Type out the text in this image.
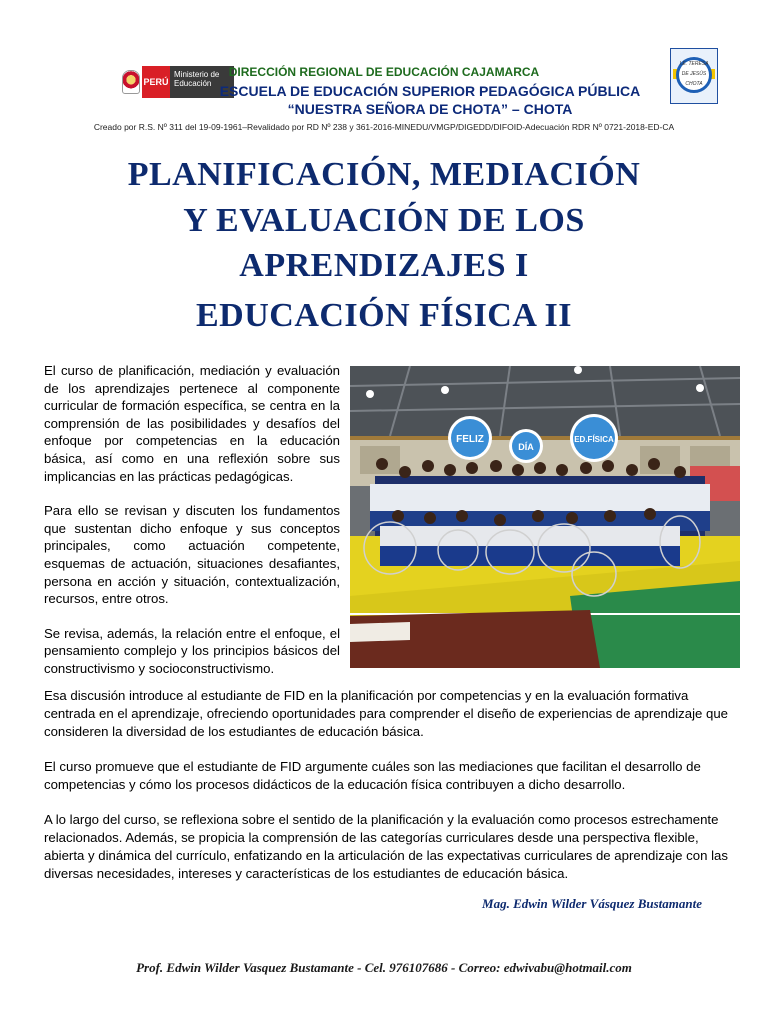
PERÚ
Ministerio de Educación
I.E. TERESA
DE JESÚS
CHOTA
DIRECCIÓN REGIONAL DE EDUCACIÓN CAJAMARCA
ESCUELA DE EDUCACIÓN SUPERIOR PEDAGÓGICA PÚBLICA
“NUESTRA SEÑORA DE CHOTA” – CHOTA
Creado por R.S. Nº 311 del 19-09-1961–Revalidado por RD Nº 238 y 361-2016-MINEDU/VMGP/DIGEDD/DIFOID-Adecuación RDR Nº 0721-2018-ED-CA
PLANIFICACIÓN, MEDIACIÓN
Y EVALUACIÓN DE LOS
APRENDIZAJES I
EDUCACIÓN FÍSICA II

El curso de planificación, mediación y evaluación de los aprendizajes pertenece al componente curricular de formación específica, se centra en la comprensión de las posibilidades y desafíos del enfoque por competencias en la educación básica, así como en una reflexión sobre sus implicancias en las prácticas pedagógicas.

Para ello se revisan y discuten los fundamentos que sustentan dicho enfoque y sus conceptos principales, como actuación competente, esquemas de actuación, situaciones desafiantes, persona en acción y situación, contextualización, recursos, entre otros.

Se revisa, además, la relación entre el enfoque, el pensamiento complejo y los principios básicos del constructivismo y socioconstructivismo.

FELIZ
DÍA
ED.FÍSICA

Esa discusión introduce al estudiante de FID en la planificación por competencias y en la evaluación formativa centrada en el aprendizaje, ofreciendo oportunidades para comprender el diseño de experiencias de aprendizaje que consideren la diversidad de los estudiantes de educación básica.

El curso promueve que el estudiante de FID argumente cuáles son las mediaciones que facilitan el desarrollo de competencias y cómo los procesos didácticos de la educación física contribuyen a dicho desarrollo.

A lo largo del curso, se reflexiona sobre el sentido de la planificación y la evaluación como procesos estrechamente relacionados. Además, se propicia la comprensión de las categorías curriculares desde una perspectiva flexible, abierta y dinámica del currículo, enfatizando en la articulación de las expectativas curriculares de aprendizaje con las diversas necesidades, intereses y características de los estudiantes de educación básica.

Mag. Edwin Wilder Vásquez Bustamante
Prof. Edwin Wilder Vasquez Bustamante - Cel. 976107686 - Correo: edwivabu@hotmail.com
